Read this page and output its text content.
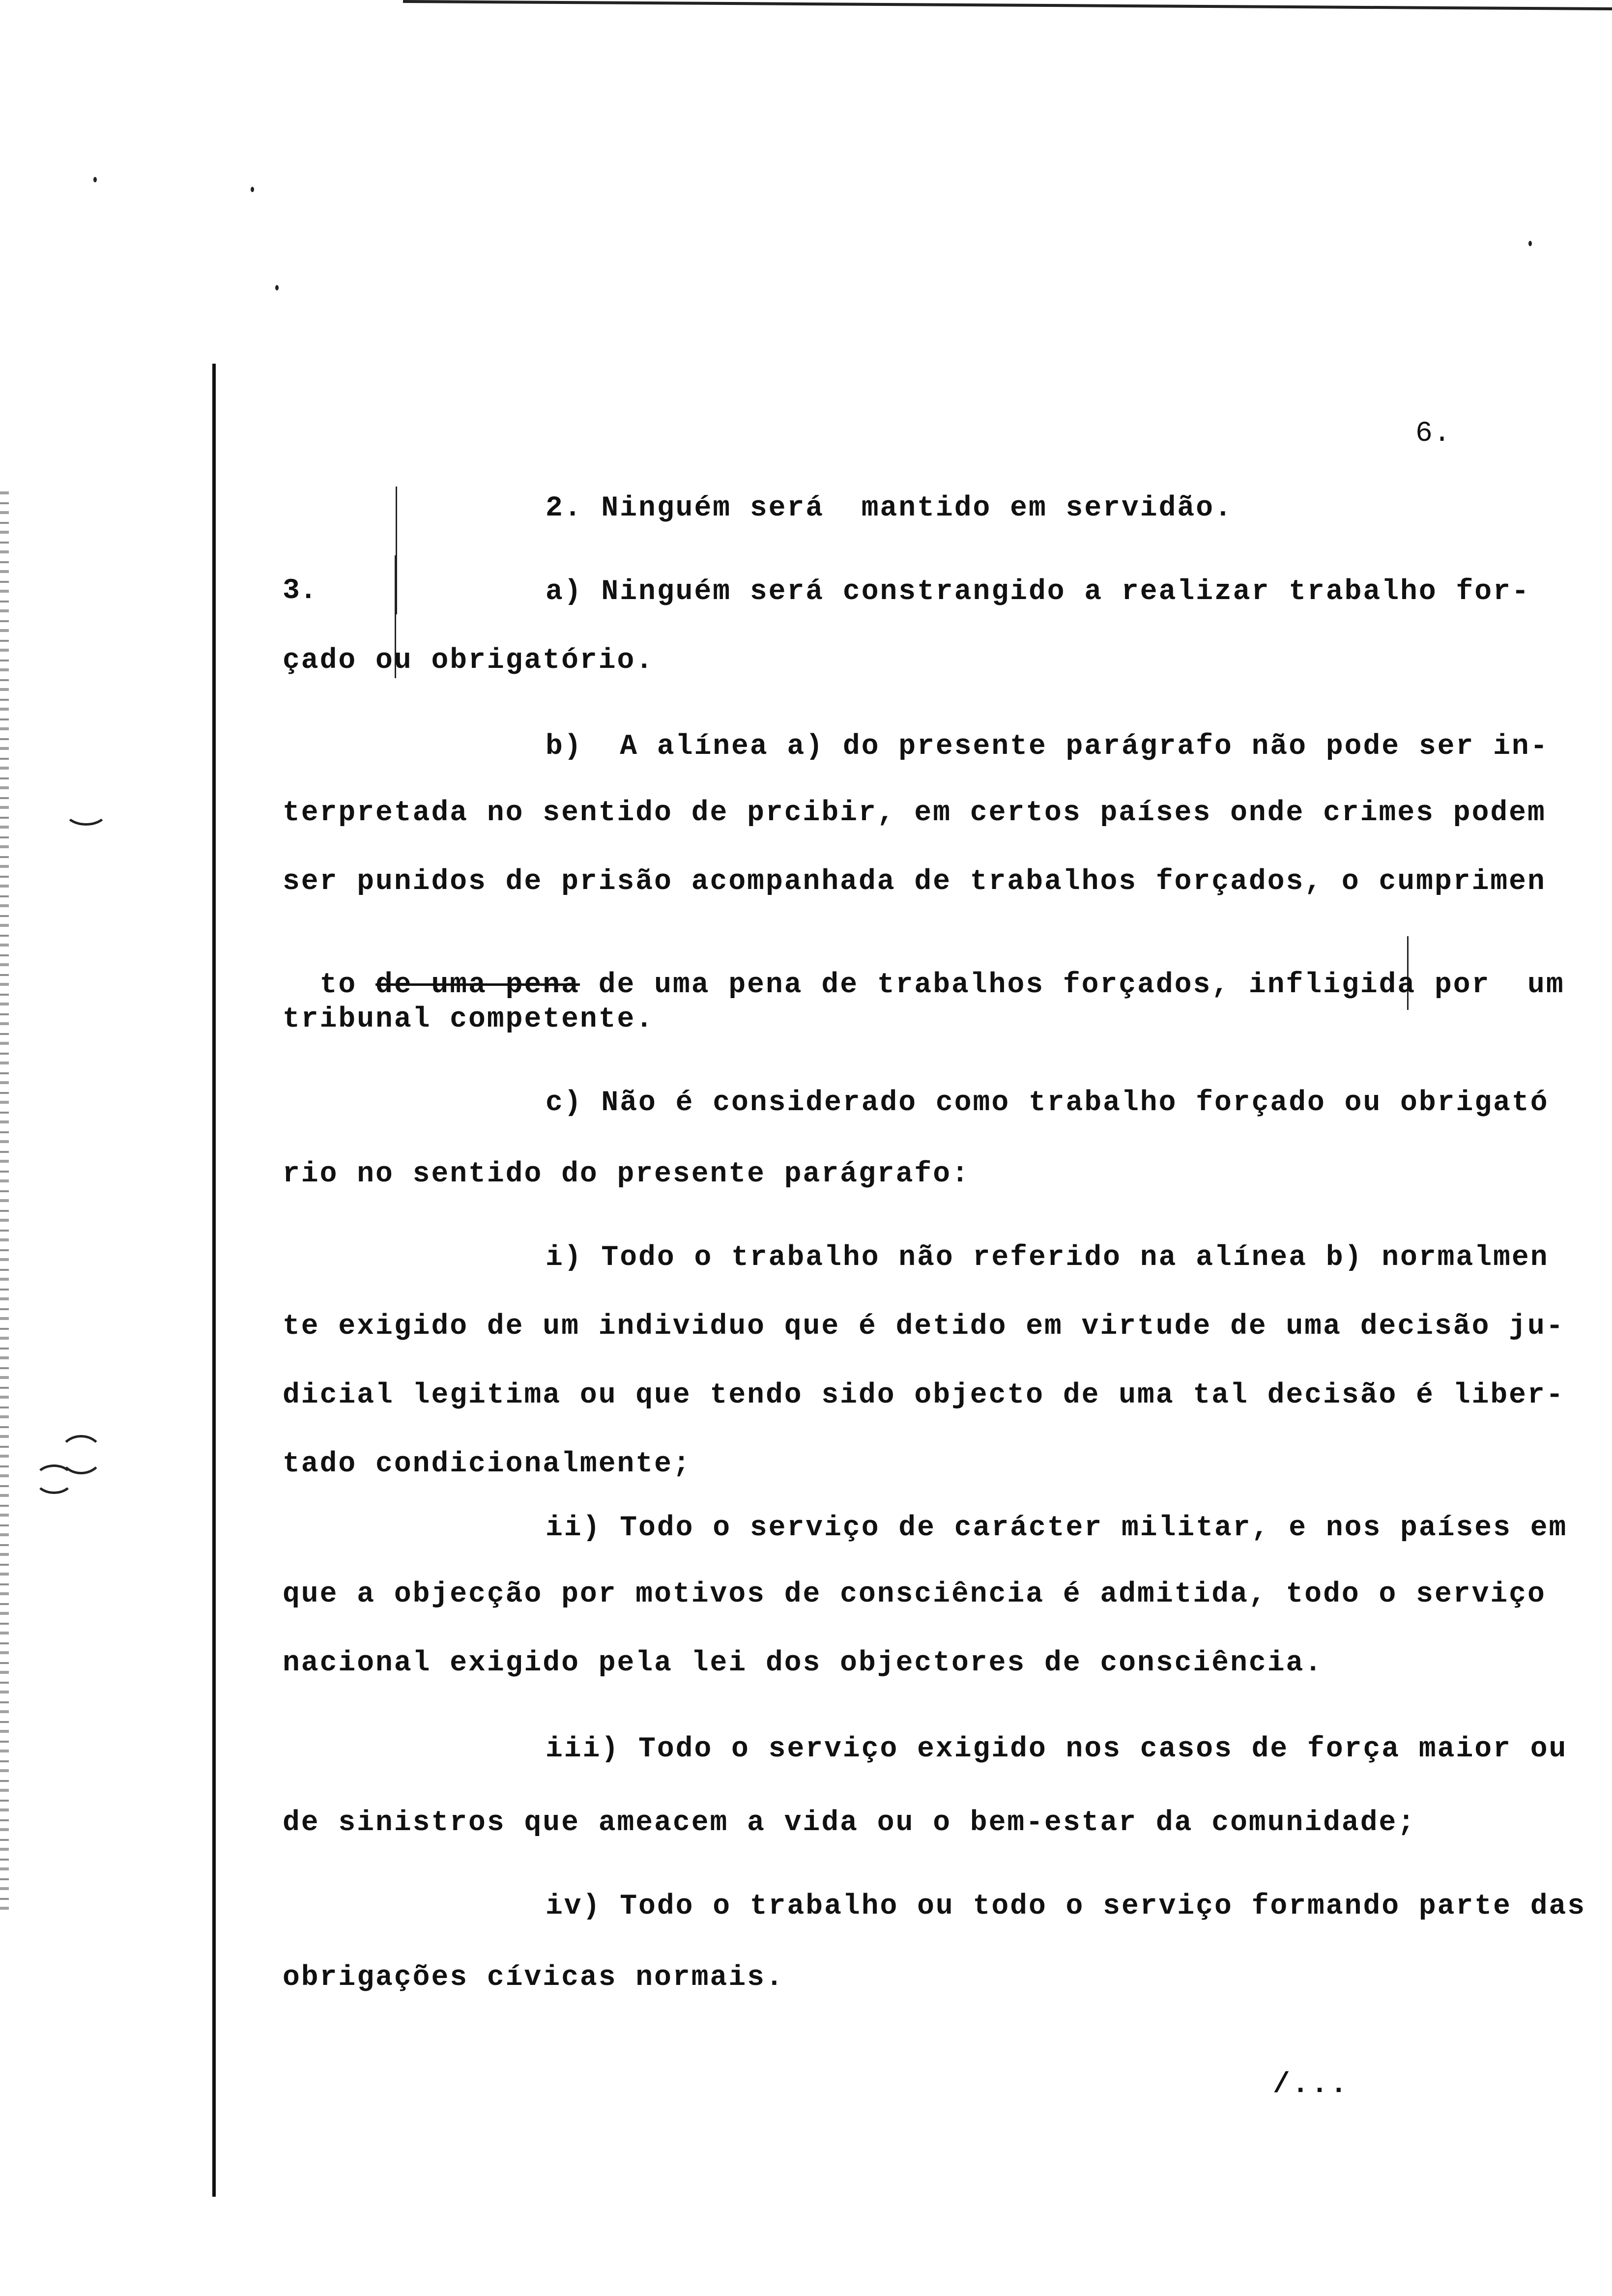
6.
2. Ninguém será  mantido em servidão.
3.	a) Ninguém será constrangido a realizar trabalho for-
çado ou obrigatório.
b)  A alínea a) do presente parágrafo não pode ser in-
terpretada no sentido de prcibir, em certos países onde crimes podem
ser punidos de prisão acompanhada de trabalhos forçados, o cumprimen

to de uma pena de uma pena de trabalhos forçados, infligida por  um

tribunal competente.
c) Não é considerado como trabalho forçado ou obrigató
rio no sentido do presente parágrafo:
i) Todo o trabalho não referido na alínea b) normalmen
te exigido de um individuo que é detido em virtude de uma decisão ju-
dicial legitima ou que tendo sido objecto de uma tal decisão é liber-
tado condicionalmente;
ii) Todo o serviço de carácter militar, e nos países em
que a objecção por motivos de consciência é admitida, todo o serviço
nacional exigido pela lei dos objectores de consciência.
iii) Todo o serviço exigido nos casos de força maior ou
de sinistros que ameacem a vida ou o bem-estar da comunidade;
iv) Todo o trabalho ou todo o serviço formando parte das
obrigações cívicas normais.
/...
